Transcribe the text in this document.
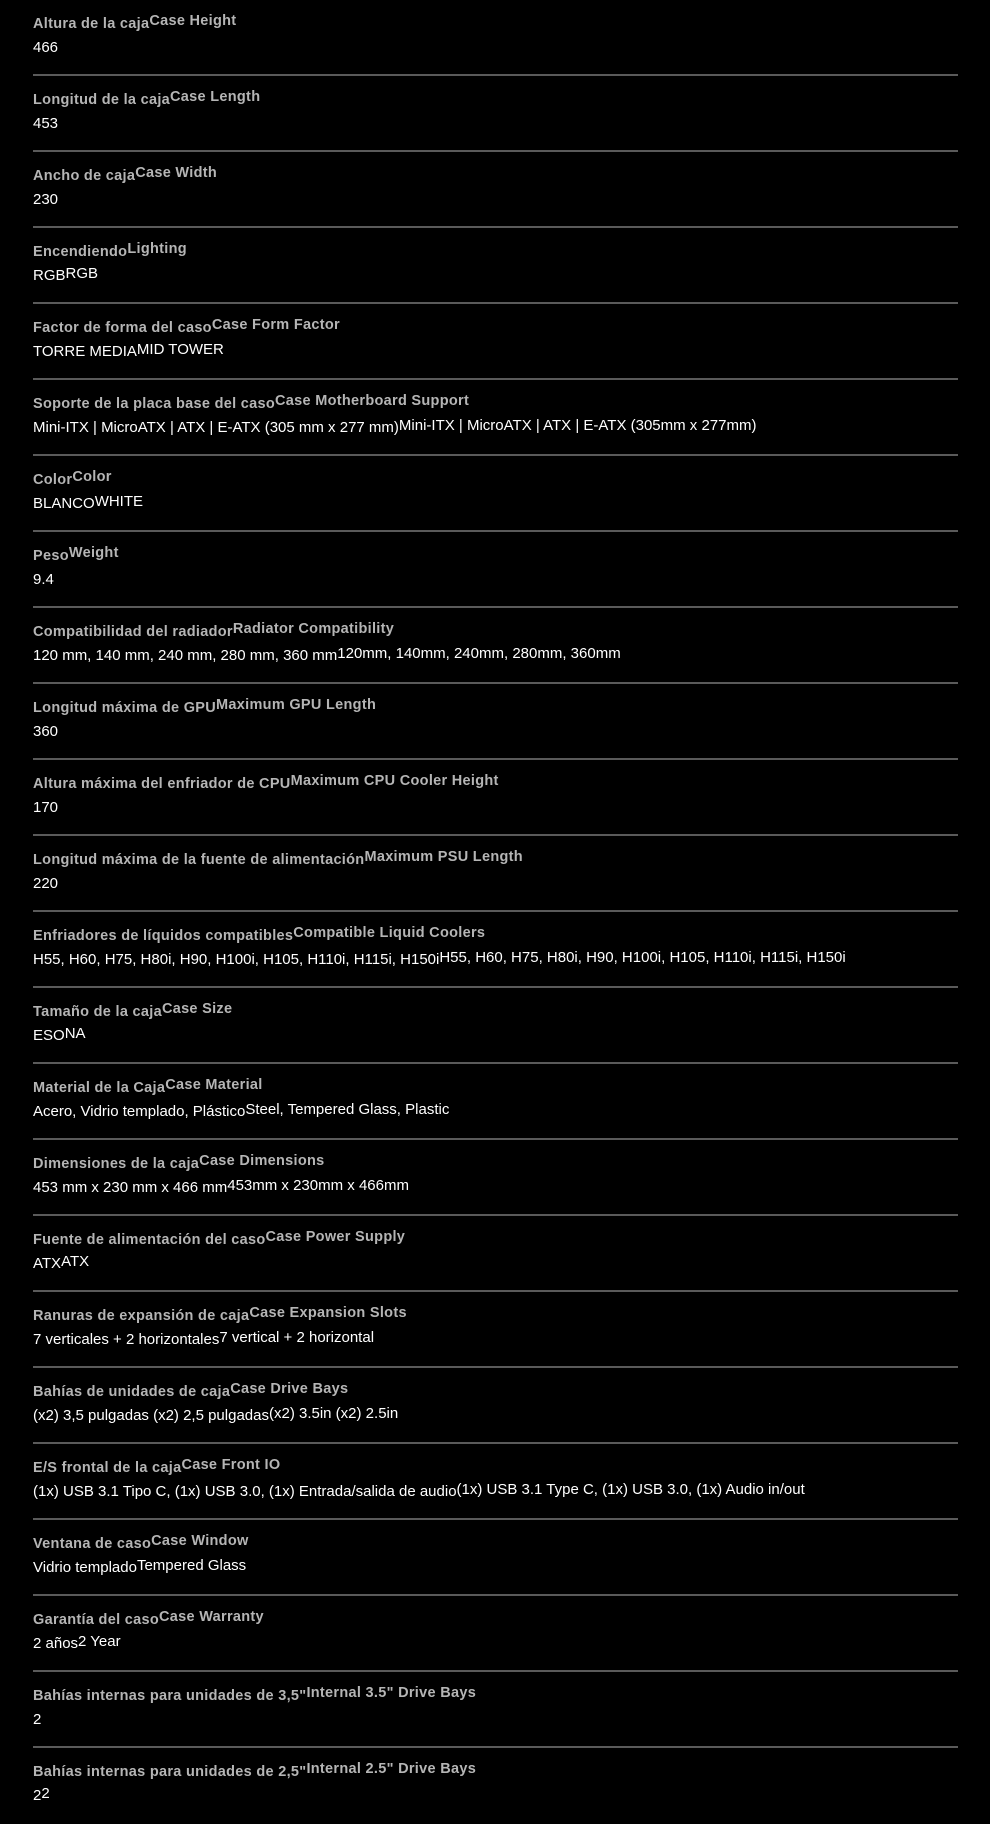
Altura de la cajaCase Height
466
Longitud de la cajaCase Length
453
Ancho de cajaCase Width
230
EncendiendoLighting
RGBRGB
Factor de forma del casoCase Form Factor
TORRE MEDIAMID TOWER
Soporte de la placa base del casoCase Motherboard Support
Mini-ITX | MicroATX | ATX | E-ATX (305 mm x 277 mm)Mini-ITX | MicroATX | ATX | E-ATX (305mm x 277mm)
ColorColor
BLANCOWHITE
PesoWeight
9.4
Compatibilidad del radiadorRadiator Compatibility
120 mm, 140 mm, 240 mm, 280 mm, 360 mm120mm, 140mm, 240mm, 280mm, 360mm
Longitud máxima de GPUMaximum GPU Length
360
Altura máxima del enfriador de CPUMaximum CPU Cooler Height
170
Longitud máxima de la fuente de alimentaciónMaximum PSU Length
220
Enfriadores de líquidos compatiblesCompatible Liquid Coolers
H55, H60, H75, H80i, H90, H100i, H105, H110i, H115i, H150iH55, H60, H75, H80i, H90, H100i, H105, H110i, H115i, H150i
Tamaño de la cajaCase Size
ESONA
Material de la CajaCase Material
Acero, Vidrio templado, PlásticoSteel, Tempered Glass, Plastic
Dimensiones de la cajaCase Dimensions
453 mm x 230 mm x 466 mm453mm x 230mm x 466mm
Fuente de alimentación del casoCase Power Supply
ATXATX
Ranuras de expansión de cajaCase Expansion Slots
7 verticales + 2 horizontales7 vertical + 2 horizontal
Bahías de unidades de cajaCase Drive Bays
(x2) 3,5 pulgadas (x2) 2,5 pulgadas(x2) 3.5in (x2) 2.5in
E/S frontal de la cajaCase Front IO
(1x) USB 3.1 Tipo C, (1x) USB 3.0, (1x) Entrada/salida de audio(1x) USB 3.1 Type C, (1x) USB 3.0, (1x) Audio in/out
Ventana de casoCase Window
Vidrio templadoTempered Glass
Garantía del casoCase Warranty
2 años2 Year
Bahías internas para unidades de 3,5"Internal 3.5" Drive Bays
2
Bahías internas para unidades de 2,5"Internal 2.5" Drive Bays
22
